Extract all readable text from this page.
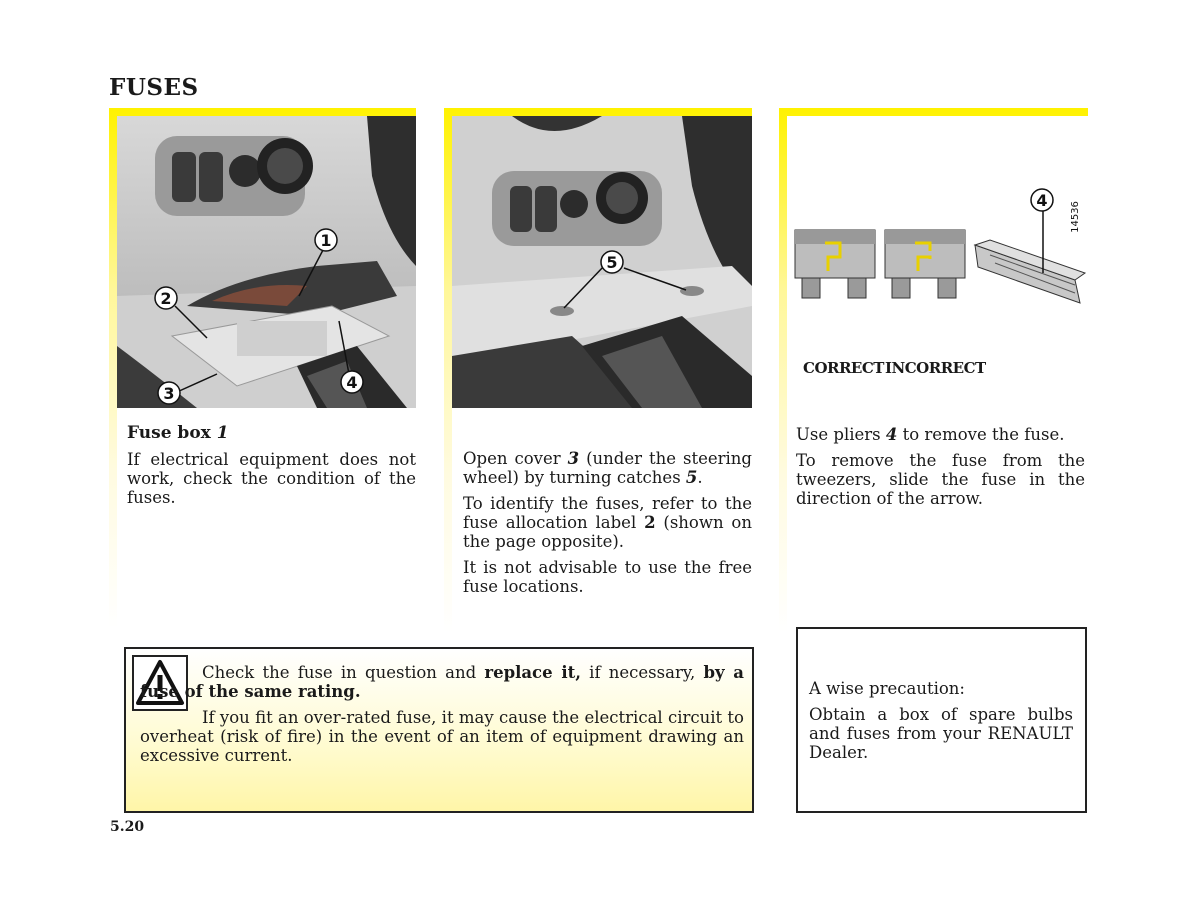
FUSES
1
2
3
4

Fuse box 1

If electrical equipment does not work, check the condition of the fuses.

5

Open cover 3 (under the steering wheel) by turning catches 5.

To identify the fuses, refer to the fuse allocation label 2 (shown on the page opposite).

It is not advisable to use the free fuse locations.

4
14536
CORRECT INCORRECT

Use pliers 4 to remove the fuse.

To remove the fuse from the tweezers, slide the fuse in the direction of the arrow.

Check the fuse in question and replace it, if necessary, by a fuse of the same rating.

If you fit an over-rated fuse, it may cause the electrical circuit to overheat (risk of fire) in the event of an item of equipment drawing an excessive current.

A wise precaution:

Obtain a box of spare bulbs and fuses from your RENAULT Dealer.

5.20
